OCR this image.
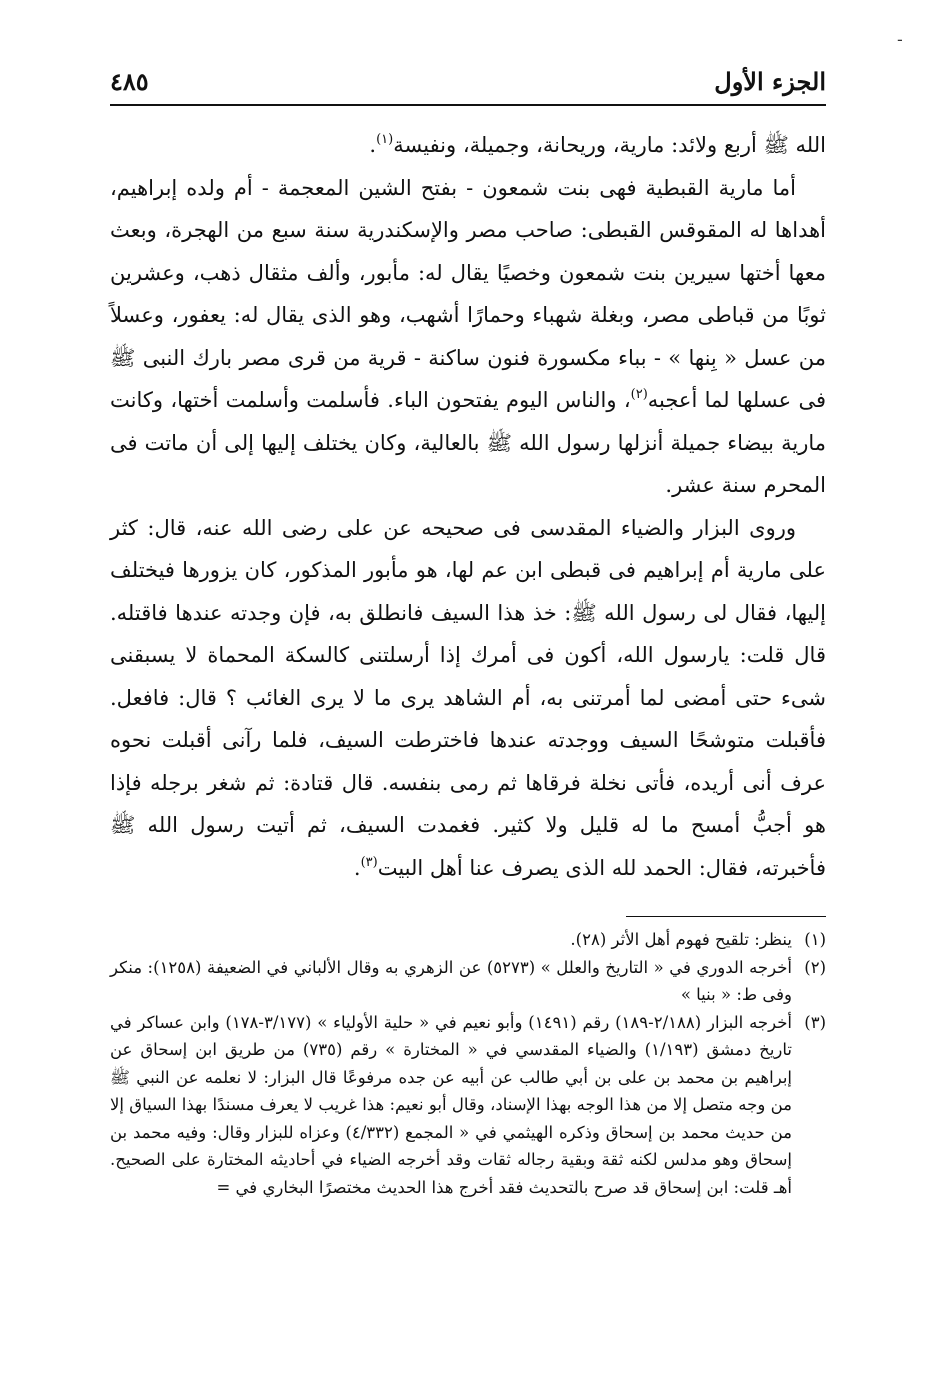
-
الجزء الأول
٤٨٥

الله ﷺ أربع ولائد: مارية، وريحانة، وجميلة، ونفيسة$^{(١)}$.

أما مارية القبطية فهى بنت شمعون - بفتح الشين المعجمة - أم ولده إبراهيم، أهداها له المقوقس القبطى: صاحب مصر والإسكندرية سنة سبع من الهجرة، وبعث معها أختها سيرين بنت شمعون وخصيًا يقال له: مأبور، وألف مثقال ذهب، وعشرين ثوبًا من قباطى مصر، وبغلة شهباء وحمارًا أشهب، وهو الذى يقال له: يعفور، وعسلاً من عسل « بِنها » - بباء مكسورة فنون ساكنة - قرية من قرى مصر بارك النبى ﷺ فى عسلها لما أعجبه$^{(٢)}$، والناس اليوم يفتحون الباء. فأسلمت وأسلمت أختها، وكانت مارية بيضاء جميلة أنزلها رسول الله ﷺ بالعالية، وكان يختلف إليها إلى أن ماتت فى المحرم سنة عشر.

وروى البزار والضياء المقدسى فى صحيحه عن على رضى الله عنه، قال: كثر على مارية أم إبراهيم فى قبطى ابن عم لها، هو مأبور المذكور، كان يزورها فيختلف إليها، فقال لى رسول الله ﷺ: خذ هذا السيف فانطلق به، فإن وجدته عندها فاقتله. قال قلت: يارسول الله، أكون فى أمرك إذا أرسلتنى كالسكة المحماة لا يسبقنى شىء حتى أمضى لما أمرتنى به، أم الشاهد يرى ما لا يرى الغائب ؟ قال: فافعل. فأقبلت متوشحًا السيف ووجدته عندها فاخترطت السيف، فلما رآنى أقبلت نحوه عرف أنى أريده، فأتى نخلة فرقاها ثم رمى بنفسه. قال قتادة: ثم شغر برجله فإذا هو أجبُّ أمسح ما له قليل ولا كثير. فغمدت السيف، ثم أتيت رسول الله ﷺ فأخبرته، فقال: الحمد لله الذى يصرف عنا أهل البيت$^{(٣)}$.

(١)

ينظر: تلقيح فهوم أهل الأثر (٢٨).

(٢)

أخرجه الدوري في « التاريخ والعلل » (٥٢٧٣) عن الزهري به وقال الألباني في الضعيفة (١٢٥٨): منكر وفى ط: « بنيا »

(٣)

أخرجه البزار (٢/١٨٨-١٨٩) رقم (١٤٩١) وأبو نعيم في « حلية الأولياء » (٣/١٧٧-١٧٨) وابن عساكر في تاريخ دمشق (١/١٩٣) والضياء المقدسي في « المختارة » رقم (٧٣٥) من طريق ابن إسحاق عن إبراهيم بن محمد بن على بن أبي طالب عن أبيه عن جده مرفوعًا قال البزار: لا نعلمه عن النبي ﷺ من وجه متصل إلا من هذا الوجه بهذا الإسناد، وقال أبو نعيم: هذا غريب لا يعرف مسندًا بهذا السياق إلا من حديث محمد بن إسحاق وذكره الهيثمي في « المجمع (٤/٣٣٢) وعزاه للبزار وقال: وفيه محمد بن إسحاق وهو مدلس لكنه ثقة وبقية رجاله ثقات وقد أخرجه الضياء في أحاديثه المختارة على الصحيح. أهـ قلت: ابن إسحاق قد صرح بالتحديث فقد أخرج هذا الحديث مختصرًا البخاري في =
